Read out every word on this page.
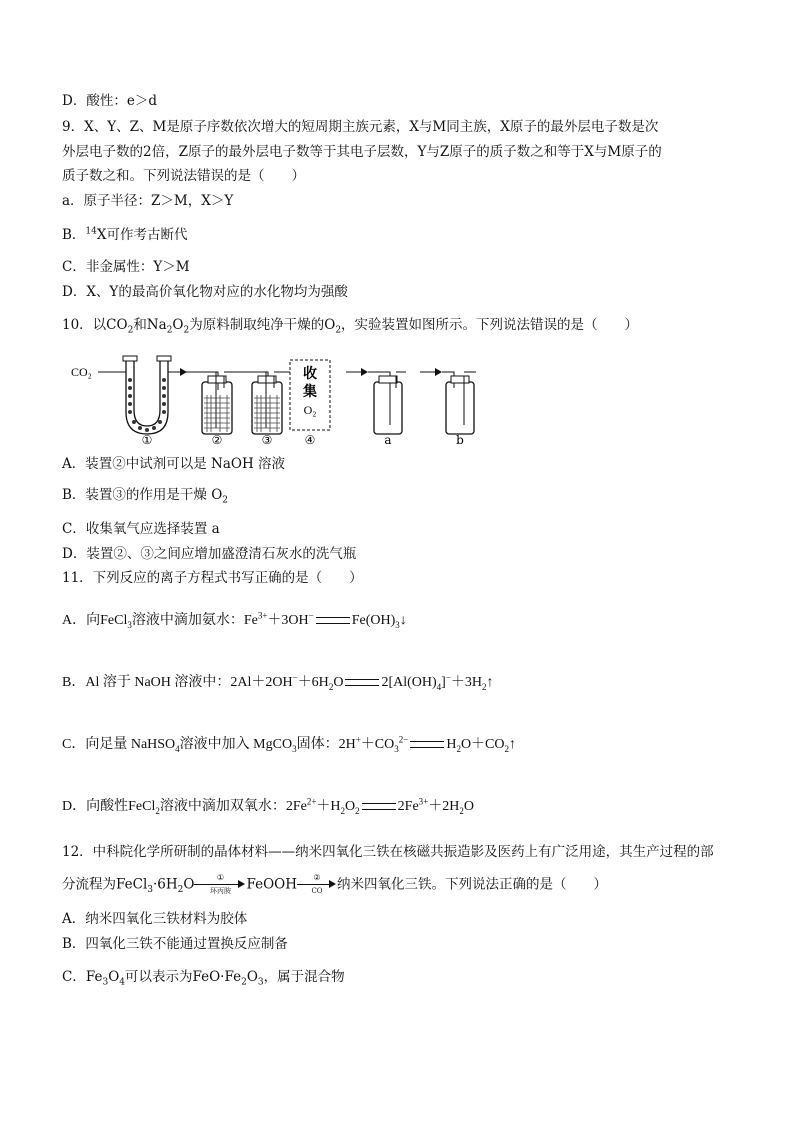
D．酸性：e＞d
9．X、Y、Z、M是原子序数依次增大的短周期主族元素，X与M同主族，X原子的最外层电子数是次
外层电子数的2倍，Z原子的最外层电子数等于其电子层数，Y与Z原子的质子数之和等于X与M原子的
质子数之和。下列说法错误的是（　　）
a．原子半径：Z＞M，X＞Y
B．$^{14}$X可作考古断代
C．非金属性：Y＞M
D．X、Y的最高价氧化物对应的水化物均为强酸
10．以$CO_2$和$Na_2O_2$为原料制取纯净干燥的$O_2$，实验装置如图所示。下列说法错误的是（　　）
CO₂	收
集
O₂
①	②	③	④	a	b
A．装置②中试剂可以是 NaOH 溶液
B．装置③的作用是干燥 $O_2$
C．收集氧气应选择装置 a
D．装置②、③之间应增加盛澄清石灰水的洗气瓶
11．下列反应的离子方程式书写正确的是（　　）
A．向FeCl$_3$溶液中滴加氨水：$Fe^{3+}+3OH^-$	$Fe(OH)_3↓$
B．Al 溶于 NaOH 溶液中：$2Al+2OH^-+6H_2O$	$2[Al(OH)_4]^-+3H_2↑$
C．向足量 NaHSO$_4$溶液中加入 MgCO$_3$固体：$2H^++CO_3^{2-}$	$H_2O+CO_2↑$
D．向酸性FeCl$_2$溶液中滴加双氧水：$2Fe^{2+}+H_2O_2$	$2Fe^{3+}+2H_2O$
12．中科院化学所研制的晶体材料——纳米四氧化三铁在核磁共振造影及医药上有广泛用途，其生产过程的部
分流程为$FeCl_3\cdot 6H_2O$	①
环丙胺	FeOOH	②
CO	纳米四氧化三铁。下列说法正确的是（　　）
A．纳米四氧化三铁材料为胶体
B．四氧化三铁不能通过置换反应制备
C．$Fe_3O_4$可以表示为$FeO\cdot Fe_2O_3$，属于混合物
